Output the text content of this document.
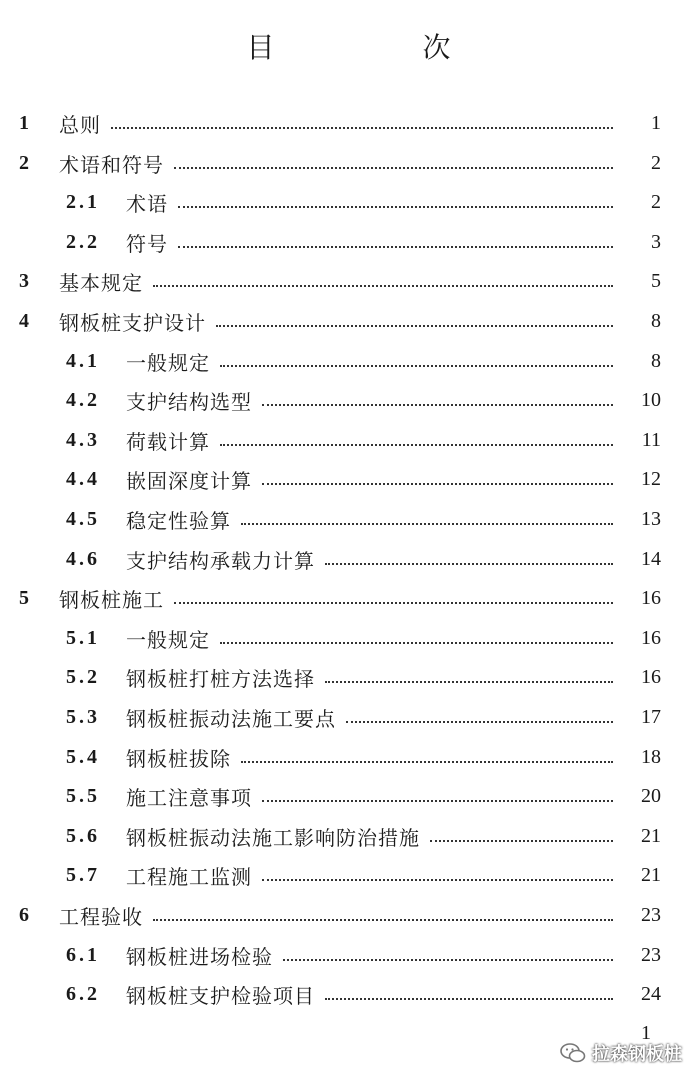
目　次
1	总则	1
2	术语和符号	2
2.1	术语	2
2.2	符号	3
3	基本规定	5
4	钢板桩支护设计	8
4.1	一般规定	8
4.2	支护结构选型	10
4.3	荷载计算	11
4.4	嵌固深度计算	12
4.5	稳定性验算	13
4.6	支护结构承载力计算	14
5	钢板桩施工	16
5.1	一般规定	16
5.2	钢板桩打桩方法选择	16
5.3	钢板桩振动法施工要点	17
5.4	钢板桩拔除	18
5.5	施工注意事项	20
5.6	钢板桩振动法施工影响防治措施	21
5.7	工程施工监测	21
6	工程验收	23
6.1	钢板桩进场检验	23
6.2	钢板桩支护检验项目	24
1
拉森钢板桩
